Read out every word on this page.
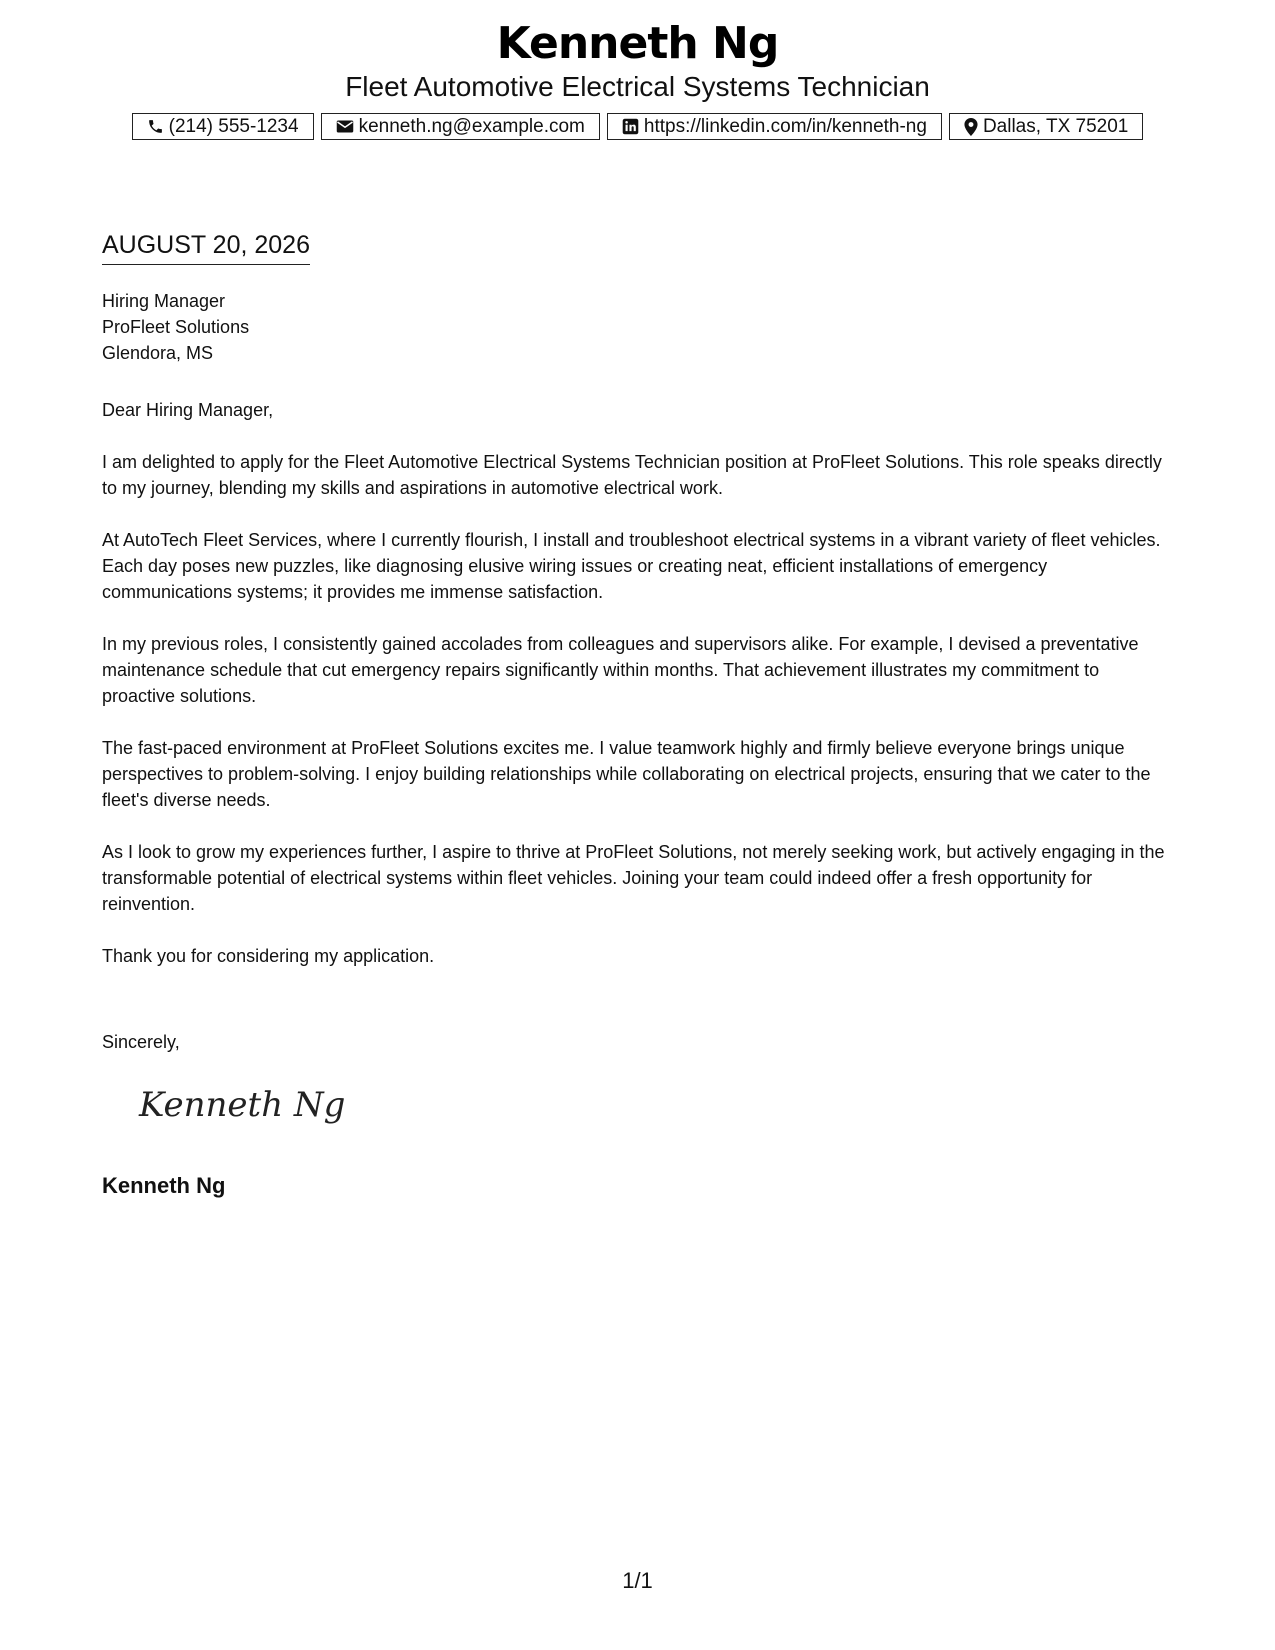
Kenneth Ng
Fleet Automotive Electrical Systems Technician
(214) 555-1234	kenneth.ng@example.com	https://linkedin.com/in/kenneth-ng	Dallas, TX 75201
AUGUST 20, 2026
Hiring Manager
ProFleet Solutions
Glendora, MS

Dear Hiring Manager,

I am delighted to apply for the Fleet Automotive Electrical Systems Technician position at ProFleet Solutions. This role speaks directly to my journey, blending my skills and aspirations in automotive electrical work.

At AutoTech Fleet Services, where I currently flourish, I install and troubleshoot electrical systems in a vibrant variety of fleet vehicles. Each day poses new puzzles, like diagnosing elusive wiring issues or creating neat, efficient installations of emergency communications systems; it provides me immense satisfaction.

In my previous roles, I consistently gained accolades from colleagues and supervisors alike. For example, I devised a preventative maintenance schedule that cut emergency repairs significantly within months. That achievement illustrates my commitment to proactive solutions.

The fast-paced environment at ProFleet Solutions excites me. I value teamwork highly and firmly believe everyone brings unique perspectives to problem-solving. I enjoy building relationships while collaborating on electrical projects, ensuring that we cater to the fleet's diverse needs.

As I look to grow my experiences further, I aspire to thrive at ProFleet Solutions, not merely seeking work, but actively engaging in the transformable potential of electrical systems within fleet vehicles. Joining your team could indeed offer a fresh opportunity for reinvention.

Thank you for considering my application.

Sincerely,
Kenneth Ng
Kenneth Ng
1/1
